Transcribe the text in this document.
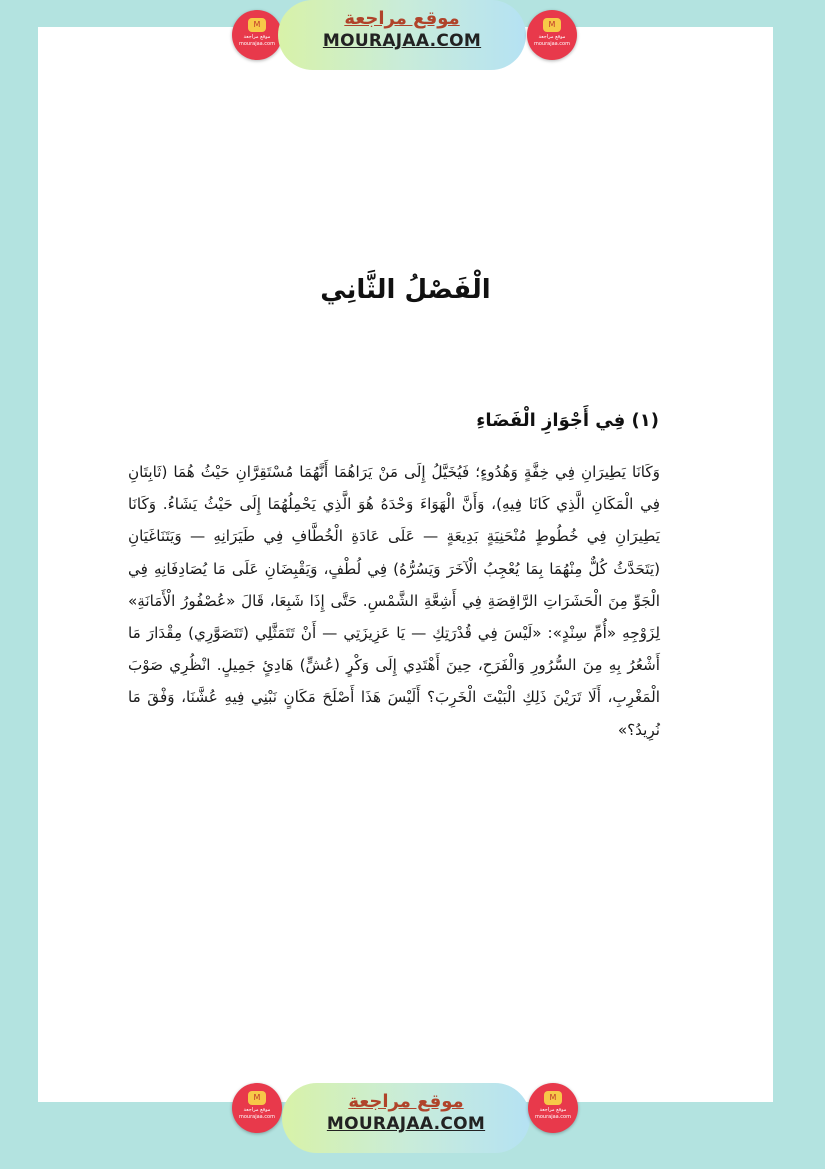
M
موقع مراجعة
mourajaa.com
موقع مراجعة
MOURAJAA.COM
M
موقع مراجعة
mourajaa.com
الْفَصْلُ الثَّانِي
(١) فِي أَجْوَازِ الْفَضَاءِ
وَكَانَا يَطِيرَانِ فِي خِفَّةٍ وَهُدُوءٍ؛ فَيُخَيَّلُ إِلَى مَنْ يَرَاهُمَا أَنَّهُمَا مُسْتَقِرَّانِ حَيْثُ هُمَا (ثَابِتَانِ فِي الْمَكَانِ الَّذِي كَانَا فِيهِ)، وَأَنَّ الْهَوَاءَ وَحْدَهُ هُوَ الَّذِي يَحْمِلُهُمَا إِلَى حَيْثُ يَشَاءُ. وَكَانَا يَطِيرَانِ فِي خُطُوطٍ مُنْحَنِيَةٍ بَدِيعَةٍ — عَلَى عَادَةِ الْخُطَّافِ فِي طَيَرَانِهِ — وَيَتَنَاغَيَانِ (يَتَحَدَّثُ كُلٌّ مِنْهُمَا بِمَا يُعْجِبُ الْآخَرَ وَيَسُرُّهُ) فِي لُطْفٍ، وَيَقْبِضَانِ عَلَى مَا يُصَادِفَانِهِ فِي الْجَوِّ مِنَ الْحَشَرَاتِ الرَّاقِصَةِ فِي أَشِعَّةِ الشَّمْسِ. حَتَّى إِذَا شَبِعَا، قَالَ «عُصْفُورُ الْأَمَانَةِ» لِزَوْجِهِ «أُمِّ سِنْدٍ»: «لَيْسَ فِي قُدْرَتِكِ — يَا عَزِيزَتِي — أَنْ تَتَمَثَّلِي (تَتَصَوَّرِي) مِقْدَارَ مَا أَشْعُرُ بِهِ مِنَ السُّرُورِ وَالْفَرَحِ، حِينَ أَهْتَدِي إِلَى وَكْرٍ (عُشٍّ) هَادِئٍ جَمِيلٍ. انْظُرِي صَوْبَ الْمَغْرِبِ، أَلَا تَرَيْنَ ذَلِكِ الْبَيْتَ الْخَرِبَ؟ أَلَيْسَ هَذَا أَصْلَحَ مَكَانٍ نَبْنِي فِيهِ عُشَّنَا، وَفْقَ مَا نُرِيدُ؟»
M
موقع مراجعة
mourajaa.com
موقع مراجعة
MOURAJAA.COM
M
موقع مراجعة
mourajaa.com
